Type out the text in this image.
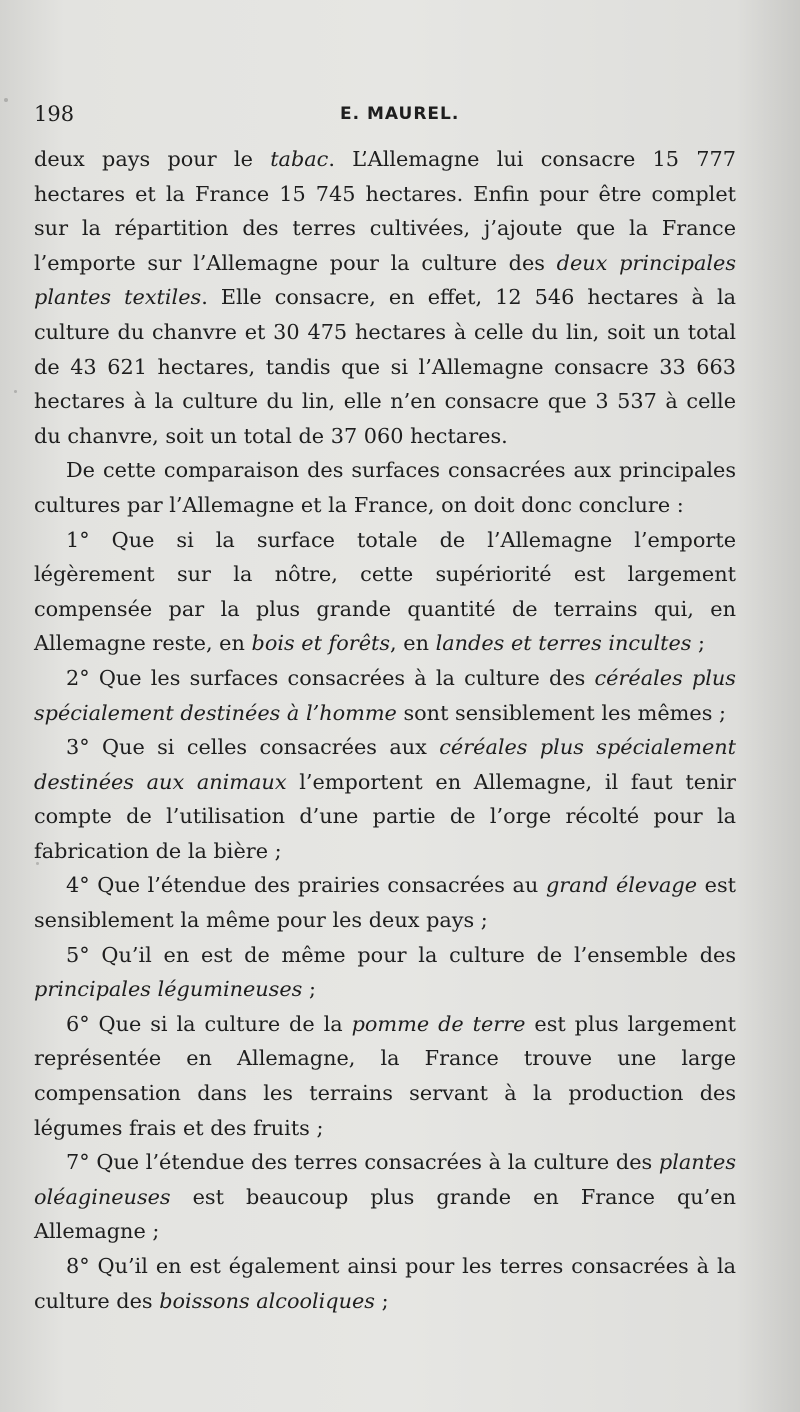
198	E. MAUREL.

deux pays pour le tabac. L’Allemagne lui consacre 15 777 hectares et la France 15 745 hectares. Enfin pour être complet sur la répartition des terres cultivées, j’ajoute que la France l’emporte sur l’Allemagne pour la culture des deux principales plantes textiles. Elle consacre, en effet, 12 546 hectares à la culture du chanvre et 30 475 hectares à celle du lin, soit un total de 43 621 hectares, tandis que si l’Allemagne consacre 33 663 hectares à la culture du lin, elle n’en consacre que 3 537 à celle du chanvre, soit un total de 37 060 hectares.

De cette comparaison des surfaces consacrées aux principales cultures par l’Allemagne et la France, on doit donc conclure :

1° Que si la surface totale de l’Allemagne l’emporte légèrement sur la nôtre, cette supériorité est largement compensée par la plus grande quantité de terrains qui, en Allemagne reste, en bois et forêts, en landes et terres incultes ;

2° Que les surfaces consacrées à la culture des céréales plus spécialement destinées à l’homme sont sensiblement les mêmes ;

3° Que si celles consacrées aux céréales plus spécialement destinées aux animaux l’emportent en Allemagne, il faut tenir compte de l’utilisation d’une partie de l’orge récolté pour la fabrication de la bière ;

4° Que l’étendue des prairies consacrées au grand élevage est sensiblement la même pour les deux pays ;

5° Qu’il en est de même pour la culture de l’ensemble des principales légumineuses ;

6° Que si la culture de la pomme de terre est plus largement représentée en Allemagne, la France trouve une large compensation dans les terrains servant à la production des légumes frais et des fruits ;

7° Que l’étendue des terres consacrées à la culture des plantes oléagineuses est beaucoup plus grande en France qu’en Allemagne ;

8° Qu’il en est également ainsi pour les terres consacrées à la culture des boissons alcooliques ;
